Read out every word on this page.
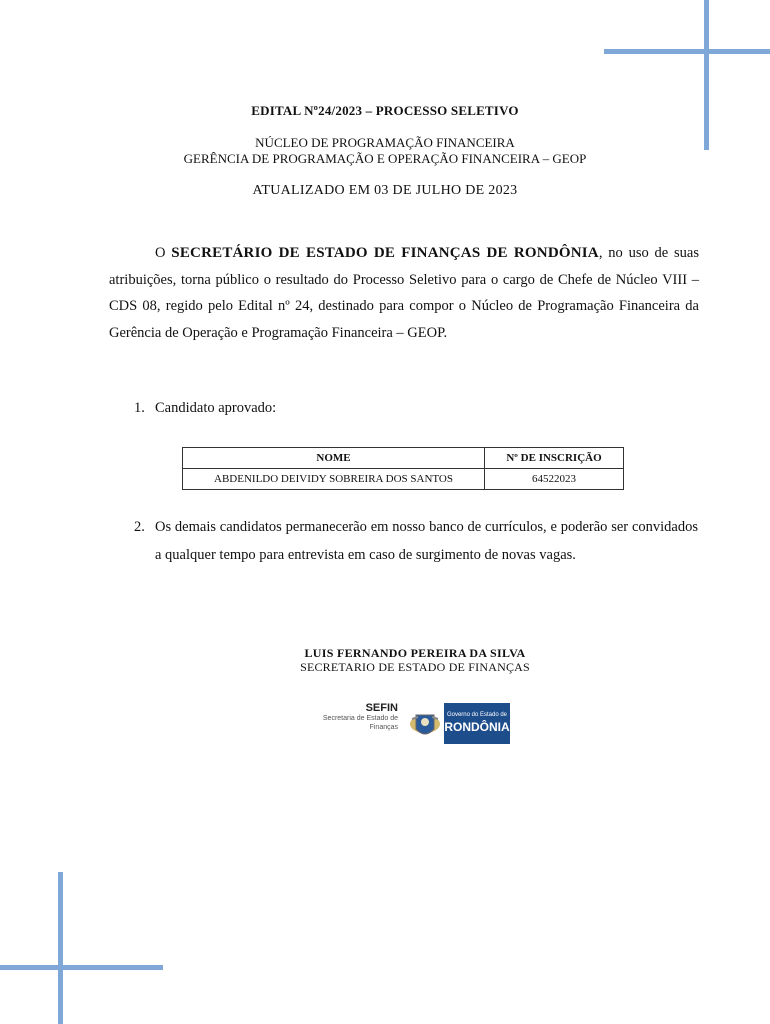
EDITAL Nº24/2023 – PROCESSO SELETIVO
NÚCLEO DE PROGRAMAÇÃO FINANCEIRA
GERÊNCIA DE PROGRAMAÇÃO E OPERAÇÃO FINANCEIRA – GEOP
ATUALIZADO EM 03 DE JULHO DE 2023
O SECRETÁRIO DE ESTADO DE FINANÇAS DE RONDÔNIA, no uso de suas atribuições, torna público o resultado do Processo Seletivo para o cargo de Chefe de Núcleo VIII – CDS 08, regido pelo Edital nº 24, destinado para compor o Núcleo de Programação Financeira da Gerência de Operação e Programação Financeira – GEOP.
1. Candidato aprovado:
NOME	Nº DE INSCRIÇÃO
ABDENILDO DEIVIDY SOBREIRA DOS SANTOS	64522023
2. Os demais candidatos permanecerão em nosso banco de currículos, e poderão ser convidados a qualquer tempo para entrevista em caso de surgimento de novas vagas.
LUIS FERNANDO PEREIRA DA SILVA
SECRETARIO DE ESTADO DE FINANÇAS
SEFIN
Secretaria de Estado de
Finanças
Governo do Estado de
RONDÔNIA
